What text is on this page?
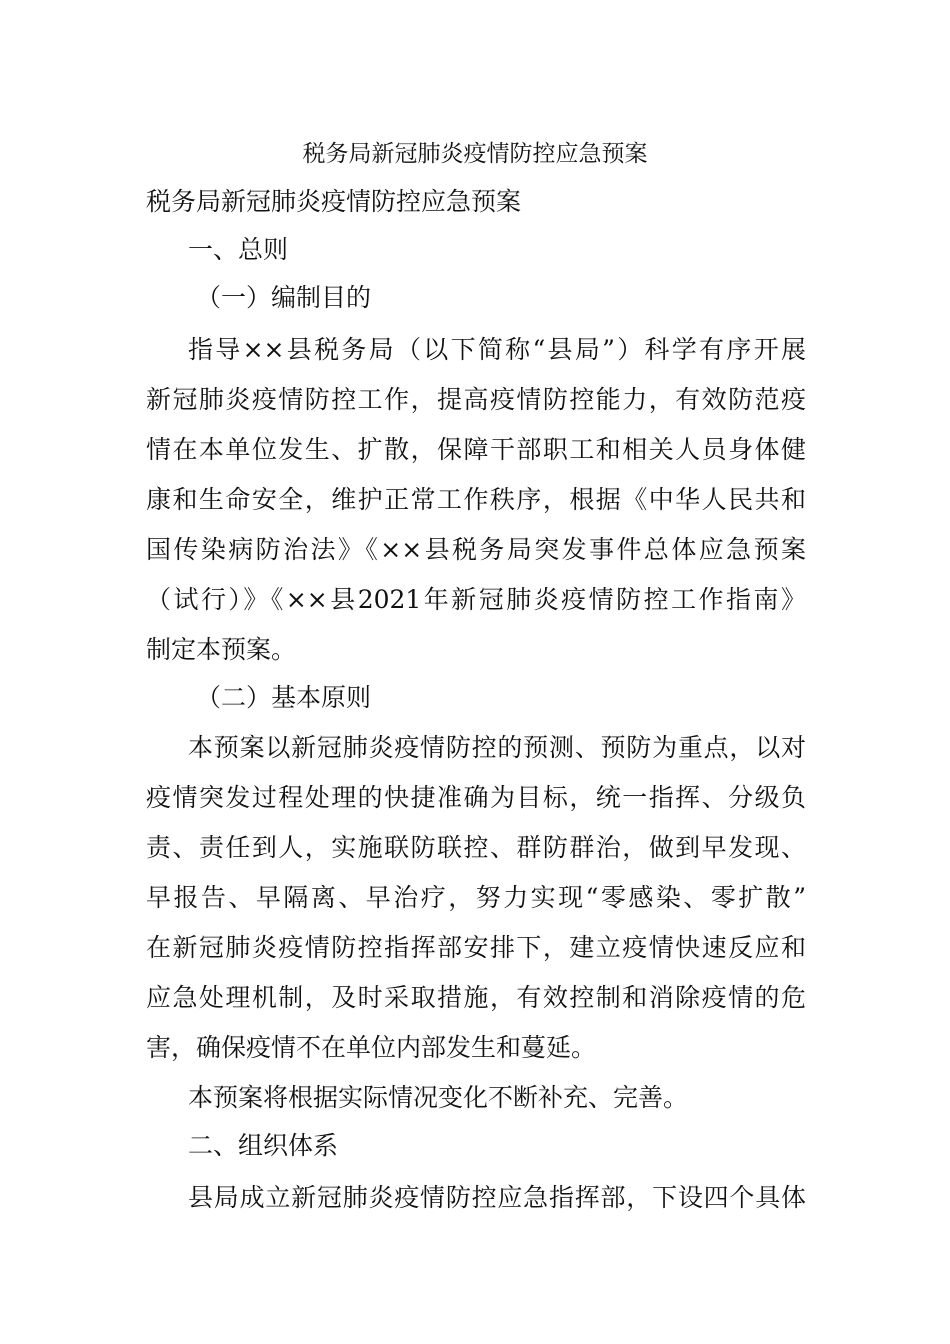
税务局新冠肺炎疫情防控应急预案
税务局新冠肺炎疫情防控应急预案
一、总则
（一）编制目的
指导××县税务局（以下简称“县局”）科学有序开展
新冠肺炎疫情防控工作，提高疫情防控能力，有效防范疫
情在本单位发生、扩散，保障干部职工和相关人员身体健
康和生命安全，维护正常工作秩序，根据《中华人民共和
国传染病防治法》《××县税务局突发事件总体应急预案
（试行）》《××县2021年新冠肺炎疫情防控工作指南》
制定本预案。
（二）基本原则
本预案以新冠肺炎疫情防控的预测、预防为重点，以对
疫情突发过程处理的快捷准确为目标，统一指挥、分级负
责、责任到人，实施联防联控、群防群治，做到早发现、
早报告、早隔离、早治疗，努力实现“零感染、零扩散”
在新冠肺炎疫情防控指挥部安排下，建立疫情快速反应和
应急处理机制，及时采取措施，有效控制和消除疫情的危
害，确保疫情不在单位内部发生和蔓延。
本预案将根据实际情况变化不断补充、完善。
二、组织体系
县局成立新冠肺炎疫情防控应急指挥部，下设四个具体
